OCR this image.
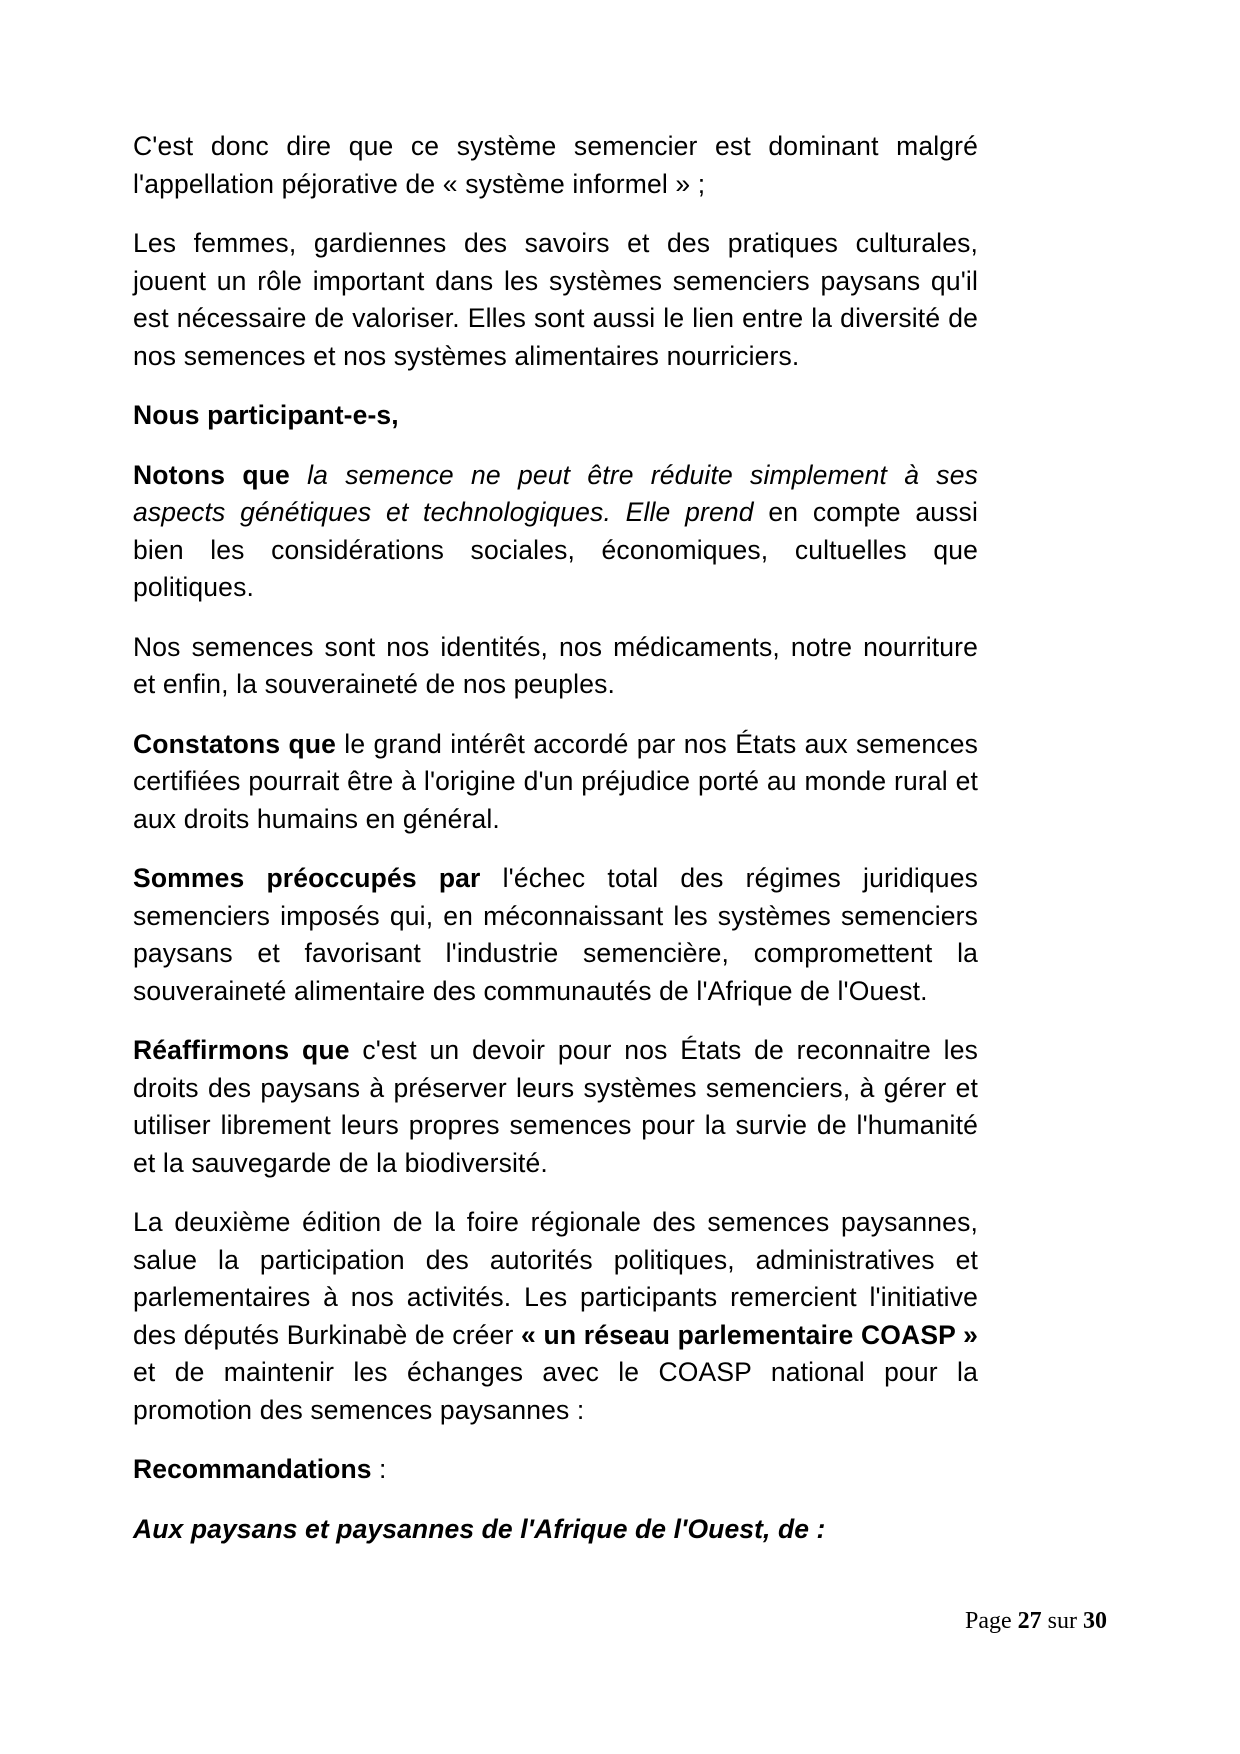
C'est donc dire que ce système semencier est dominant malgré l'appellation péjorative de « système informel » ;

Les femmes, gardiennes des savoirs et des pratiques culturales, jouent un rôle important dans les systèmes semenciers paysans qu'il est nécessaire de valoriser. Elles sont aussi le lien entre la diversité de nos semences et nos systèmes alimentaires nourriciers.

Nous participant-e-s,

Notons que la semence ne peut être réduite simplement à ses aspects génétiques et technologiques. Elle prend en compte aussi bien les considérations sociales, économiques, cultuelles que politiques.

Nos semences sont nos identités, nos médicaments, notre nourriture et enfin, la souveraineté de nos peuples.

Constatons que le grand intérêt accordé par nos États aux semences certifiées pourrait être à l'origine d'un préjudice porté au monde rural et aux droits humains en général.

Sommes préoccupés par l'échec total des régimes juridiques semenciers imposés qui, en méconnaissant les systèmes semenciers paysans et favorisant l'industrie semencière, compromettent la souveraineté alimentaire des communautés de l'Afrique de l'Ouest.

Réaffirmons que c'est un devoir pour nos États de reconnaitre les droits des paysans à préserver leurs systèmes semenciers, à gérer et utiliser librement leurs propres semences pour la survie de l'humanité et la sauvegarde de la biodiversité.

La deuxième édition de la foire régionale des semences paysannes, salue la participation des autorités politiques, administratives et parlementaires à nos activités. Les participants remercient l'initiative des députés Burkinabè de créer « un réseau parlementaire COASP » et de maintenir les échanges avec le COASP national pour la promotion des semences paysannes :

Recommandations :

Aux paysans et paysannes de l'Afrique de l'Ouest, de :

Page 27 sur 30
